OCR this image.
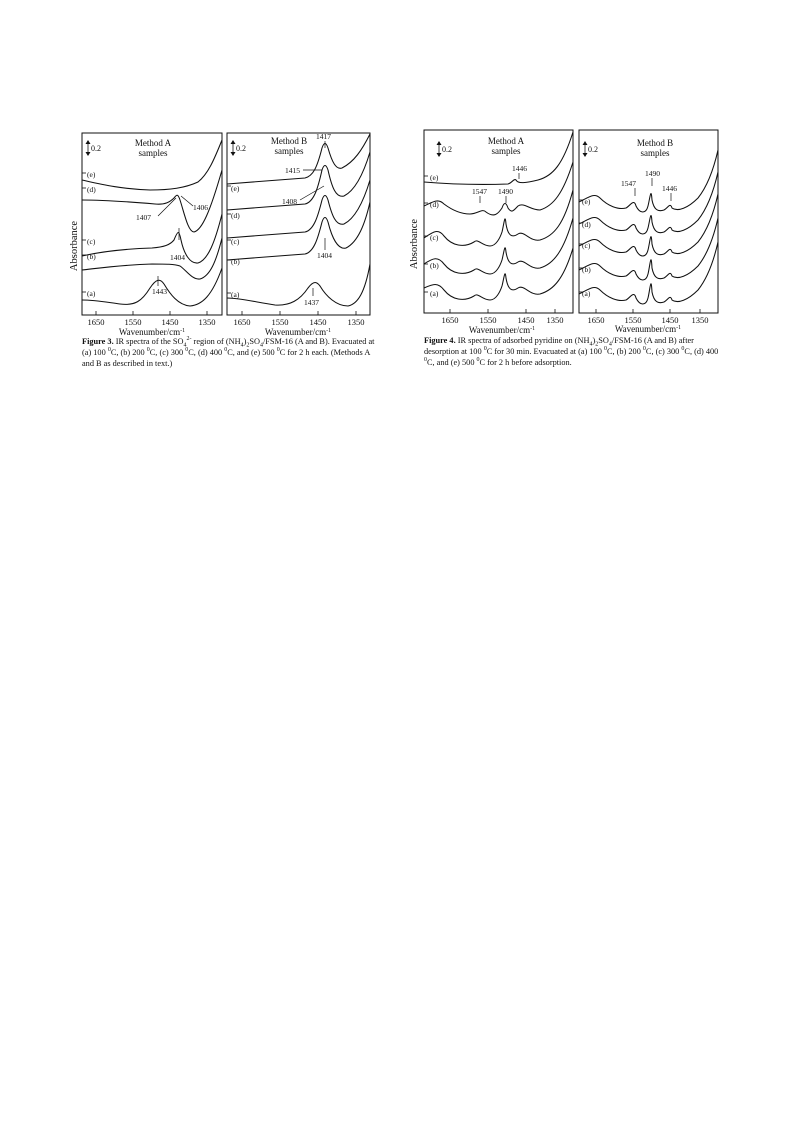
Absorbance
0.2
Method A
samples
(e)
(d)
(c)
(b)
(a)
1407
1406
1404
1443
1650 1550 1450 1350
Wavenumber/$cm^{-1}$
0.2
Method B
samples
(e)
(d)
(c)
(b)
(a)
1417
1415
1408
1404
1437
1650 1550 1450 1350
Wavenumber/$cm^{-1}$
Figure 3. IR spectra of the $SO_4^{2-}$ region of $(NH_4)_2SO_4/FSM-16$ (A and B). Evacuated at (a) 100 $^0$C, (b) 200 $^0$C, (c) 300 $^0$C, (d) 400 $^0$C, and (e) 500 $^0$C for 2 h each. (Methods A and B as described in text.)
Absorbance
0.2
Method A
samples
(e)
(d)
(c)
(b)
(a)
1446
1547 1490
1650 1550 1450 1350
Wavenumber/$cm^{-1}$
0.2
Method B
samples
(e)
(d)
(c)
(b)
(a)
1490
1547
1446
1650 1550 1450 1350
Wavenumber/$cm^{-1}$
Figure 4. IR spectra of adsorbed pyridine on $(NH_4)_2SO_4/FSM-16$ (A and B) after desorption at 100 $^0$C for 30 min. Evacuated at (a) 100 $^0$C, (b) 200 $^0$C, (c) 300 $^0$C, (d) 400 $^0$C, and (e) 500 $^0$C for 2 h before adsorption.
